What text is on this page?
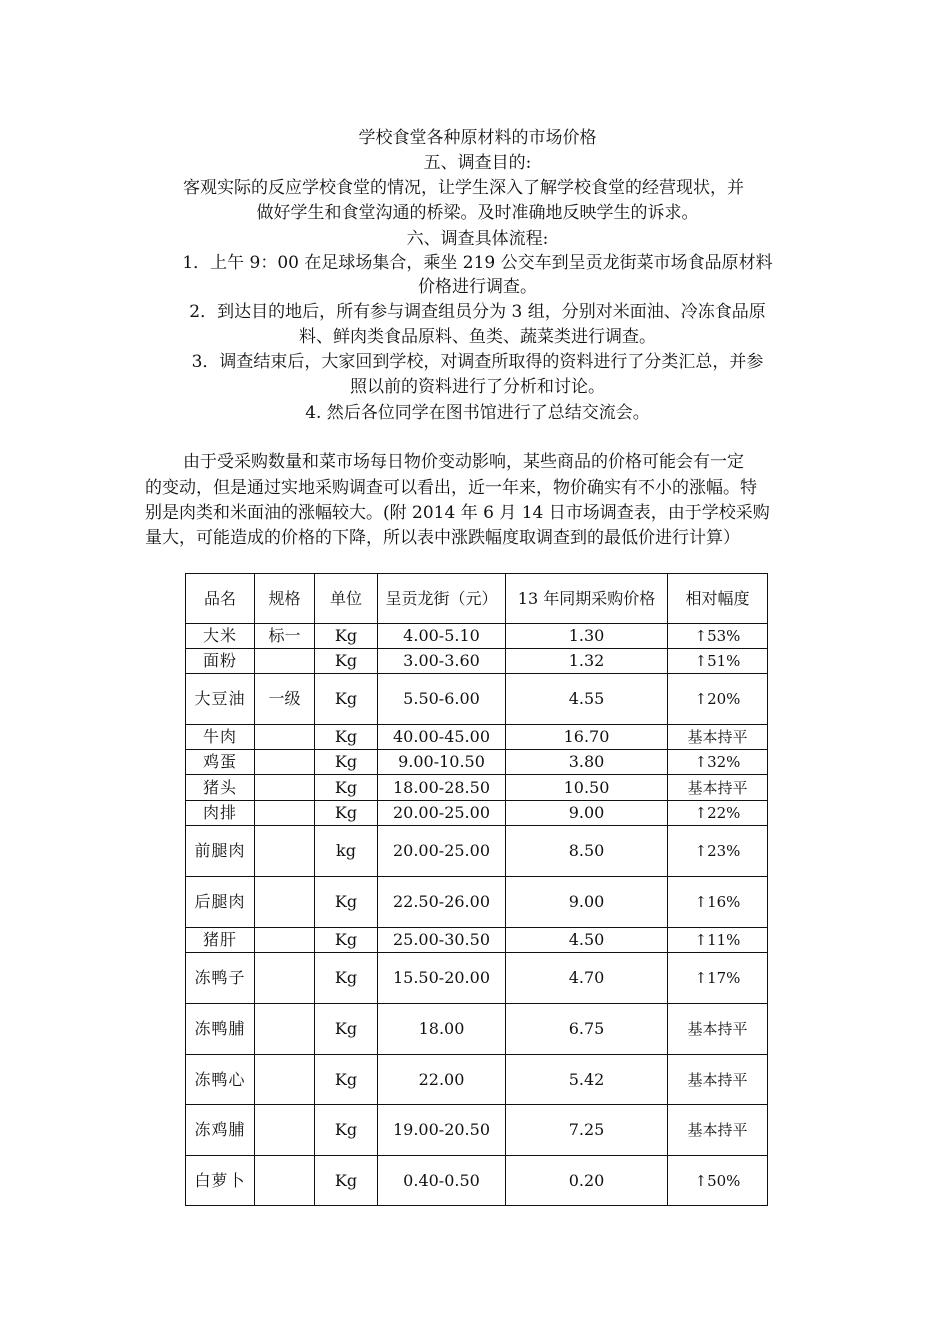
学校食堂各种原材料的市场价格
五、调查目的:
客观实际的反应学校食堂的情况，让学生深入了解学校食堂的经营现状，并
做好学生和食堂沟通的桥梁。及时准确地反映学生的诉求。
六、调查具体流程:
1．上午 9：00 在足球场集合，乘坐 219 公交车到呈贡龙街菜市场食品原材料
价格进行调查。
2．到达目的地后，所有参与调查组员分为 3 组，分别对米面油、冷冻食品原
料、鲜肉类食品原料、鱼类、蔬菜类进行调查。
3．调查结束后，大家回到学校，对调查所取得的资料进行了分类汇总，并参
照以前的资料进行了分析和讨论。
4. 然后各位同学在图书馆进行了总结交流会。
由于受采购数量和菜市场每日物价变动影响，某些商品的价格可能会有一定
的变动，但是通过实地采购调查可以看出，近一年来，物价确实有不小的涨幅。特
别是肉类和米面油的涨幅较大。(附 2014 年 6 月 14 日市场调查表，由于学校采购
量大，可能造成的价格的下降，所以表中涨跌幅度取调查到的最低价进行计算）
品名	规格	单位	呈贡龙街（元）	13 年同期采购价格	相对幅度
大米	标一	Kg	4.00-5.10	1.30	↑53%
面粉		Kg	3.00-3.60	1.32	↑51%
大豆油	一级	Kg	5.50-6.00	4.55	↑20%
牛肉		Kg	40.00-45.00	16.70	基本持平
鸡蛋		Kg	9.00-10.50	3.80	↑32%
猪头		Kg	18.00-28.50	10.50	基本持平
肉排		Kg	20.00-25.00	9.00	↑22%
前腿肉		kg	20.00-25.00	8.50	↑23%
后腿肉		Kg	22.50-26.00	9.00	↑16%
猪肝		Kg	25.00-30.50	4.50	↑11%
冻鸭子		Kg	15.50-20.00	4.70	↑17%
冻鸭脯		Kg	18.00	6.75	基本持平
冻鸭心		Kg	22.00	5.42	基本持平
冻鸡脯		Kg	19.00-20.50	7.25	基本持平
白萝卜		Kg	0.40-0.50	0.20	↑50%
